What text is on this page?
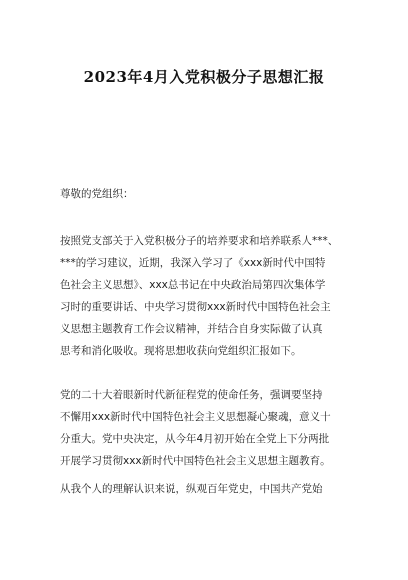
2023年4月入党积极分子思想汇报
尊敬的党组织：
按照党支部关于入党积极分子的培养要求和培养联系人***、
***的学习建议，近期，我深入学习了《xxx新时代中国特
色社会主义思想》、xxx总书记在中央政治局第四次集体学
习时的重要讲话、中央学习贯彻xxx新时代中国特色社会主
义思想主题教育工作会议精神，并结合自身实际做了认真
思考和消化吸收。现将思想收获向党组织汇报如下。
党的二十大着眼新时代新征程党的使命任务，强调要坚持
不懈用xxx新时代中国特色社会主义思想凝心聚魂，意义十
分重大。党中央决定，从今年4月初开始在全党上下分两批
开展学习贯彻xxx新时代中国特色社会主义思想主题教育。
从我个人的理解认识来说，纵观百年党史，中国共产党始
